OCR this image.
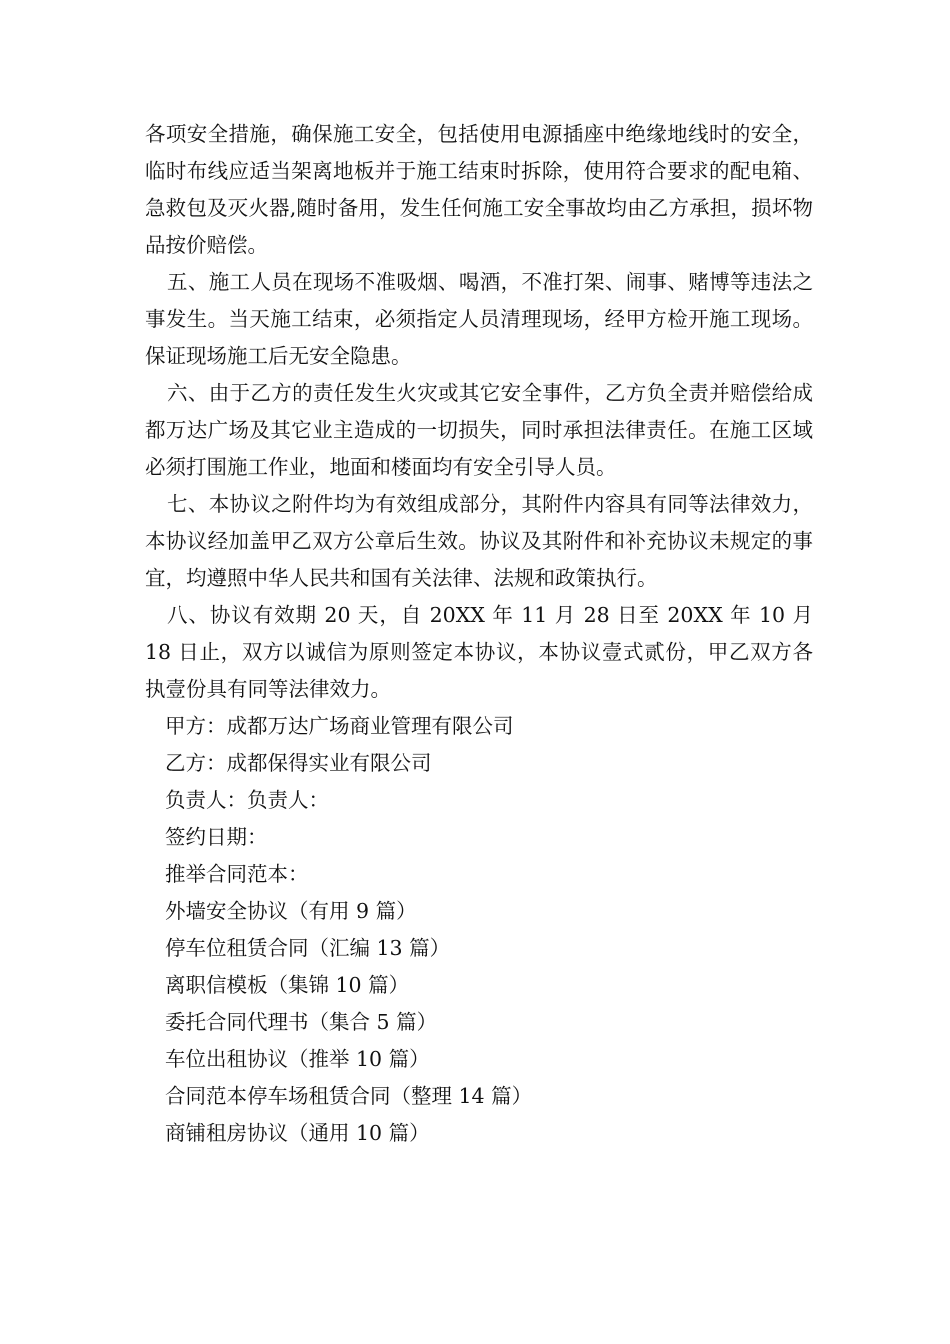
各项安全措施，确保施工安全，包括使用电源插座中绝缘地线时的安全，临时布线应适当架离地板并于施工结束时拆除，使用符合要求的配电箱、急救包及灭火器,随时备用，发生任何施工安全事故均由乙方承担，损坏物品按价赔偿。

五、施工人员在现场不准吸烟、喝酒，不准打架、闹事、赌博等违法之事发生。当天施工结束，必须指定人员清理现场，经甲方检开施工现场。保证现场施工后无安全隐患。

六、由于乙方的责任发生火灾或其它安全事件，乙方负全责并赔偿给成都万达广场及其它业主造成的一切损失，同时承担法律责任。在施工区域必须打围施工作业，地面和楼面均有安全引导人员。

七、本协议之附件均为有效组成部分，其附件内容具有同等法律效力，本协议经加盖甲乙双方公章后生效。协议及其附件和补充协议未规定的事宜，均遵照中华人民共和国有关法律、法规和政策执行。

八、协议有效期 20 天，自 20XX 年 11 月 28 日至 20XX 年 10 月 18 日止，双方以诚信为原则签定本协议，本协议壹式贰份，甲乙双方各执壹份具有同等法律效力。

甲方：成都万达广场商业管理有限公司

乙方：成都保得实业有限公司

负责人：负责人：

签约日期：

推举合同范本：

外墙安全协议（有用 9 篇）

停车位租赁合同（汇编 13 篇）

离职信模板（集锦 10 篇）

委托合同代理书（集合 5 篇）

车位出租协议（推举 10 篇）

合同范本停车场租赁合同（整理 14 篇）

商铺租房协议（通用 10 篇）
